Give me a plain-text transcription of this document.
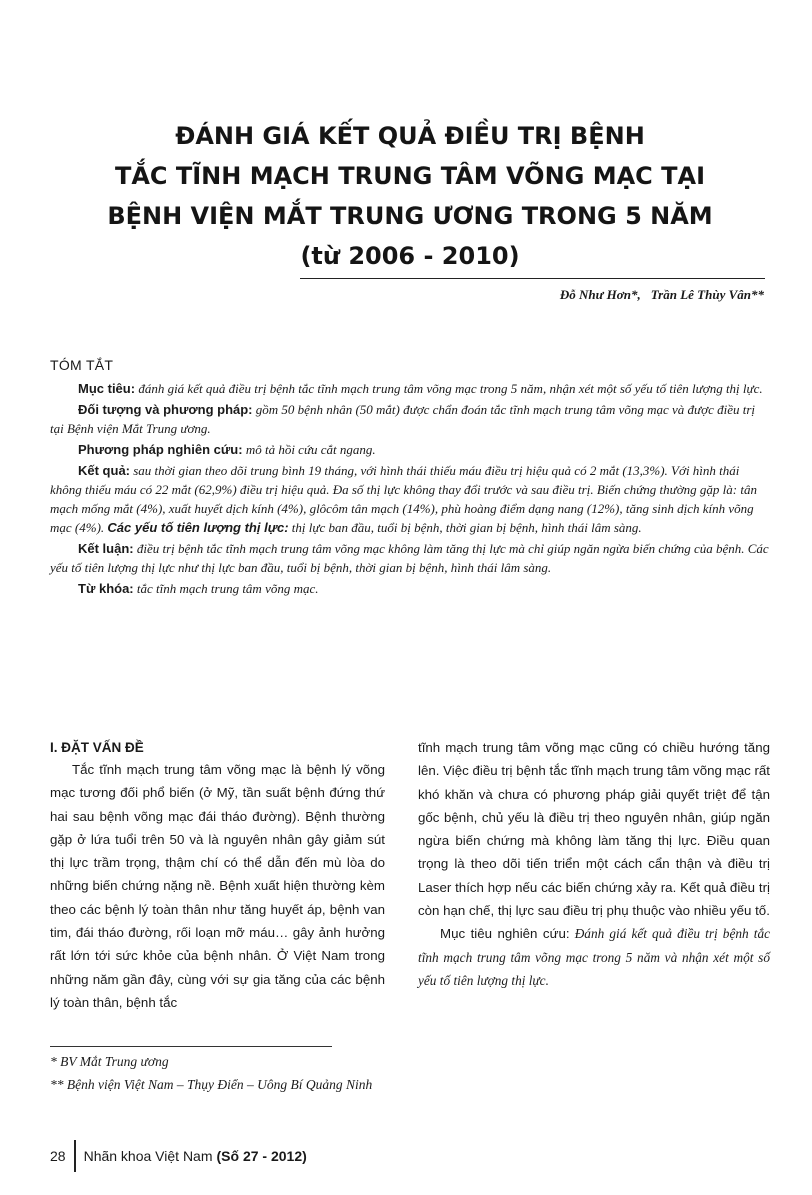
ĐÁNH GIÁ KẾT QUẢ ĐIỀU TRỊ BỆNH
TẮC TĨNH MẠCH TRUNG TÂM VÕNG MẠC TẠI
BỆNH VIỆN MẮT TRUNG ƯƠNG TRONG 5 NĂM
(từ 2006 - 2010)
Đỗ Như Hơn*, Trần Lê Thùy Vân**
TÓM TẮT

Mục tiêu: đánh giá kết quả điều trị bệnh tắc tĩnh mạch trung tâm võng mạc trong 5 năm, nhận xét một số yếu tố tiên lượng thị lực.

Đối tượng và phương pháp: gồm 50 bệnh nhân (50 mắt) được chẩn đoán tắc tĩnh mạch trung tâm võng mạc và được điều trị tại Bệnh viện Mắt Trung ương.

Phương pháp nghiên cứu: mô tả hồi cứu cắt ngang.

Kết quả: sau thời gian theo dõi trung bình 19 tháng, với hình thái thiếu máu điều trị hiệu quả có 2 mắt (13,3%). Với hình thái không thiếu máu có 22 mắt (62,9%) điều trị hiệu quả. Đa số thị lực không thay đổi trước và sau điều trị. Biến chứng thường gặp là: tân mạch mống mắt (4%), xuất huyết dịch kính (4%), glôcôm tân mạch (14%), phù hoàng điểm dạng nang (12%), tăng sinh dịch kính võng mạc (4%). Các yếu tố tiên lượng thị lực: thị lực ban đầu, tuổi bị bệnh, thời gian bị bệnh, hình thái lâm sàng.

Kết luận: điều trị bệnh tắc tĩnh mạch trung tâm võng mạc không làm tăng thị lực mà chỉ giúp ngăn ngừa biến chứng của bệnh. Các yếu tố tiên lượng thị lực như thị lực ban đầu, tuổi bị bệnh, thời gian bị bệnh, hình thái lâm sàng.

Từ khóa: tắc tĩnh mạch trung tâm võng mạc.

I. ĐẶT VẤN ĐỀ

Tắc tĩnh mạch trung tâm võng mạc là bệnh lý võng mạc tương đối phổ biến (ở Mỹ, tần suất bệnh đứng thứ hai sau bệnh võng mạc đái tháo đường). Bệnh thường gặp ở lứa tuổi trên 50 và là nguyên nhân gây giảm sút thị lực trầm trọng, thậm chí có thể dẫn đến mù lòa do những biến chứng nặng nề. Bệnh xuất hiện thường kèm theo các bệnh lý toàn thân như tăng huyết áp, bệnh van tim, đái tháo đường, rối loạn mỡ máu… gây ảnh hưởng rất lớn tới sức khỏe của bệnh nhân. Ở Việt Nam trong những năm gần đây, cùng với sự gia tăng của các bệnh lý toàn thân, bệnh tắc

tĩnh mạch trung tâm võng mạc cũng có chiều hướng tăng lên. Việc điều trị bệnh tắc tĩnh mạch trung tâm võng mạc rất khó khăn và chưa có phương pháp giải quyết triệt để tận gốc bệnh, chủ yếu là điều trị theo nguyên nhân, giúp ngăn ngừa biến chứng mà không làm tăng thị lực. Điều quan trọng là theo dõi tiến triển một cách cẩn thận và điều trị Laser thích hợp nếu các biến chứng xảy ra. Kết quả điều trị còn hạn chế, thị lực sau điều trị phụ thuộc vào nhiều yếu tố.

Mục tiêu nghiên cứu: Đánh giá kết quả điều trị bệnh tắc tĩnh mạch trung tâm võng mạc trong 5 năm và nhận xét một số yếu tố tiên lượng thị lực.

* BV Mắt Trung ương
** Bệnh viện Việt Nam – Thụy Điển – Uông Bí Quảng Ninh
28	Nhãn khoa Việt Nam (Số 27 - 2012)
